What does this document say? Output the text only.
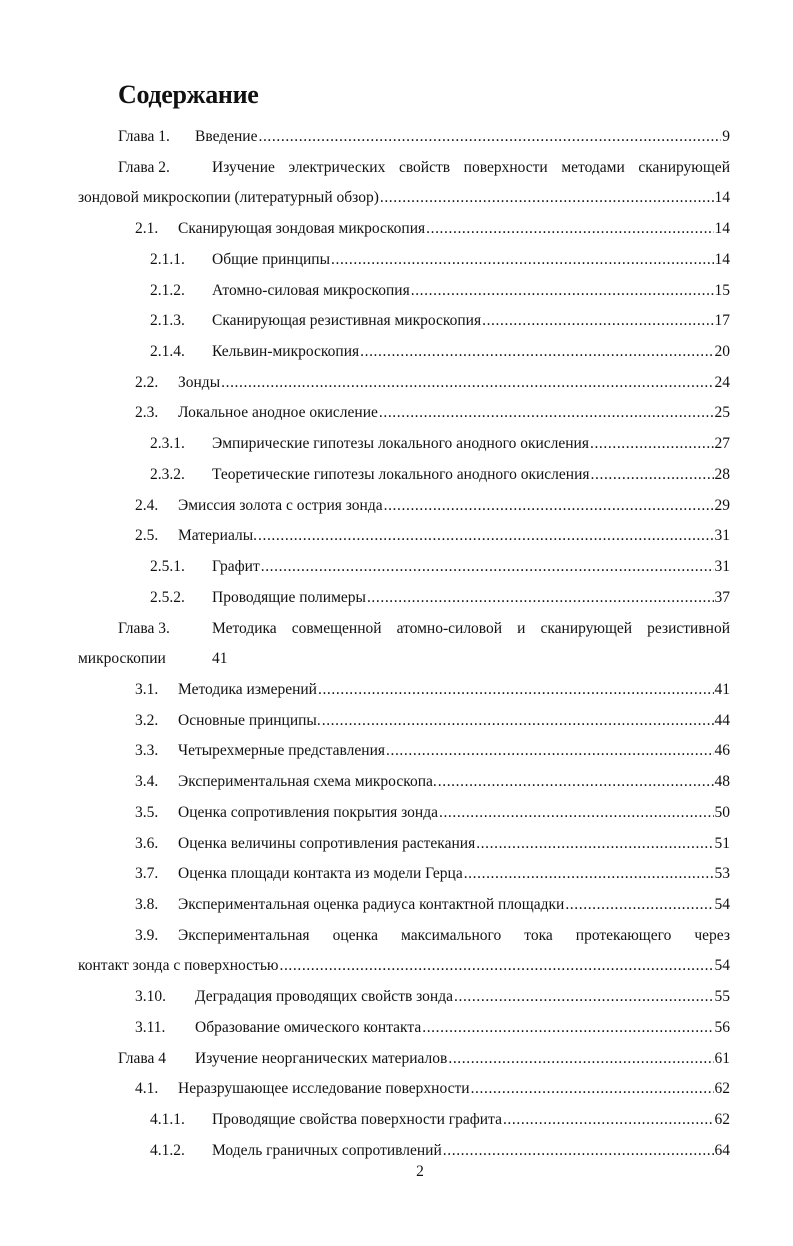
Содержание
Глава 1. Введение .....	9
Глава 2.	Изучение электрических свойств поверхности методами сканирующей
зондовой микроскопии (литературный обзор) .....	14
2.1. Сканирующая зондовая микроскопия .....	14
2.1.1. Общие принципы .....	14
2.1.2. Атомно-силовая микроскопия .....	15
2.1.3. Сканирующая резистивная микроскопия .....	17
2.1.4. Кельвин-микроскопия .....	20
2.2. Зонды .....	24
2.3. Локальное анодное окисление .....	25
2.3.1. Эмпирические гипотезы локального анодного окисления .....	27
2.3.2. Теоретические гипотезы локального анодного окисления .....	28
2.4. Эмиссия золота с острия зонда .....	29
2.5. Материалы. .....	31
2.5.1. Графит .....	31
2.5.2. Проводящие полимеры .....	37
Глава 3.	Методика совмещенной атомно-силовой и сканирующей резистивной
микроскопии	41
3.1. Методика измерений .....	41
3.2. Основные принципы. .....	44
3.3. Четырехмерные представления .....	46
3.4. Экспериментальная схема микроскопа. .....	48
3.5. Оценка сопротивления покрытия зонда .....	50
3.6. Оценка величины сопротивления растекания .....	51
3.7. Оценка площади контакта из модели Герца .....	53
3.8. Экспериментальная оценка радиуса контактной площадки .....	54
3.9. Экспериментальная оценка максимального тока протекающего через
контакт зонда с поверхностью .....	54
3.10. Деградация проводящих свойств зонда .....	55
3.11. Образование омического контакта .....	56
Глава 4 Изучение неорганических материалов .....	61
4.1. Неразрушающее исследование поверхности .....	62
4.1.1. Проводящие свойства поверхности графита .....	62
4.1.2. Модель граничных сопротивлений .....	64
2
